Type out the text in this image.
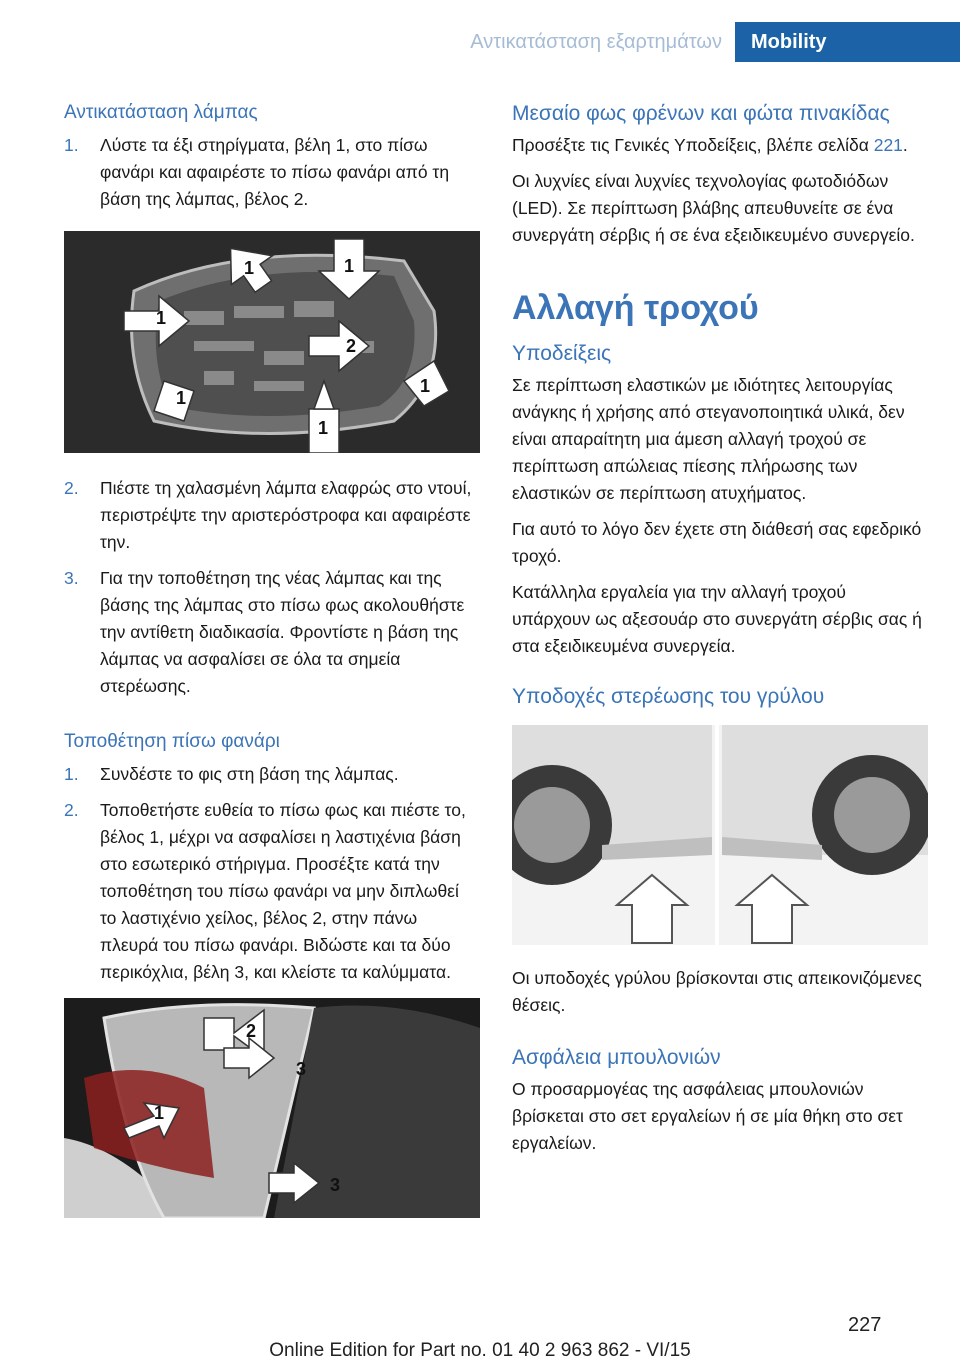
Αντικατάσταση εξαρτημάτων	Mobility
Αντικατάσταση λάμπας
1. Λύστε τα έξι στηρίγματα, βέλη 1, στο πίσω φανάρι και αφαιρέστε το πίσω φανάρι από τη βάση της λάμπας, βέλος 2.
1	1
1
1
1
1
2
2. Πιέστε τη χαλασμένη λάμπα ελαφρώς στο ντουί, περιστρέψτε την αριστερόστροφα και αφαιρέστε την.
3. Για την τοποθέτηση της νέας λάμπας και της βάσης της λάμπας στο πίσω φως ακολουθήστε την αντίθετη διαδικασία. Φροντίστε η βάση της λάμπας να ασφαλίσει σε όλα τα σημεία στερέωσης.
Τοποθέτηση πίσω φανάρι
1. Συνδέστε το φις στη βάση της λάμπας.
2. Τοποθετήστε ευθεία το πίσω φως και πιέστε το, βέλος 1, μέχρι να ασφαλίσει η λαστιχένια βάση στο εσωτερικό στήριγμα. Προσέξτε κατά την τοποθέτηση του πίσω φανάρι να μην διπλωθεί το λαστιχένιο χείλος, βέλος 2, στην πάνω πλευρά του πίσω φανάρι. Βιδώστε και τα δύο περικόχλια, βέλη 3, και κλείστε τα καλύμματα.
2
3
1
3
Μεσαίο φως φρένων και φώτα πινακίδας

Προσέξτε τις Γενικές Υποδείξεις, βλέπε σελίδα 221.

Οι λυχνίες είναι λυχνίες τεχνολογίας φωτοδιόδων (LED). Σε περίπτωση βλάβης απευθυνείτε σε ένα συνεργάτη σέρβις ή σε ένα εξειδικευμένο συνεργείο.

Αλλαγή τροχού
Υποδείξεις

Σε περίπτωση ελαστικών με ιδιότητες λειτουργίας ανάγκης ή χρήσης από στεγανοποιητικά υλικά, δεν είναι απαραίτητη μια άμεση αλλαγή τροχού σε περίπτωση απώλειας πίεσης πλήρωσης των ελαστικών σε περίπτωση ατυχήματος.

Για αυτό το λόγο δεν έχετε στη διάθεσή σας εφεδρικό τροχό.

Κατάλληλα εργαλεία για την αλλαγή τροχού υπάρχουν ως αξεσουάρ στο συνεργάτη σέρβις σας ή στα εξειδικευμένα συνεργεία.

Υποδοχές στερέωσης του γρύλου

Οι υποδοχές γρύλου βρίσκονται στις απεικονιζόμενες θέσεις.

Ασφάλεια μπουλονιών

Ο προσαρμογέας της ασφάλειας μπουλονιών βρίσκεται στο σετ εργαλείων ή σε μία θήκη στο σετ εργαλείων.

227
Online Edition for Part no. 01 40 2 963 862 - VI/15
